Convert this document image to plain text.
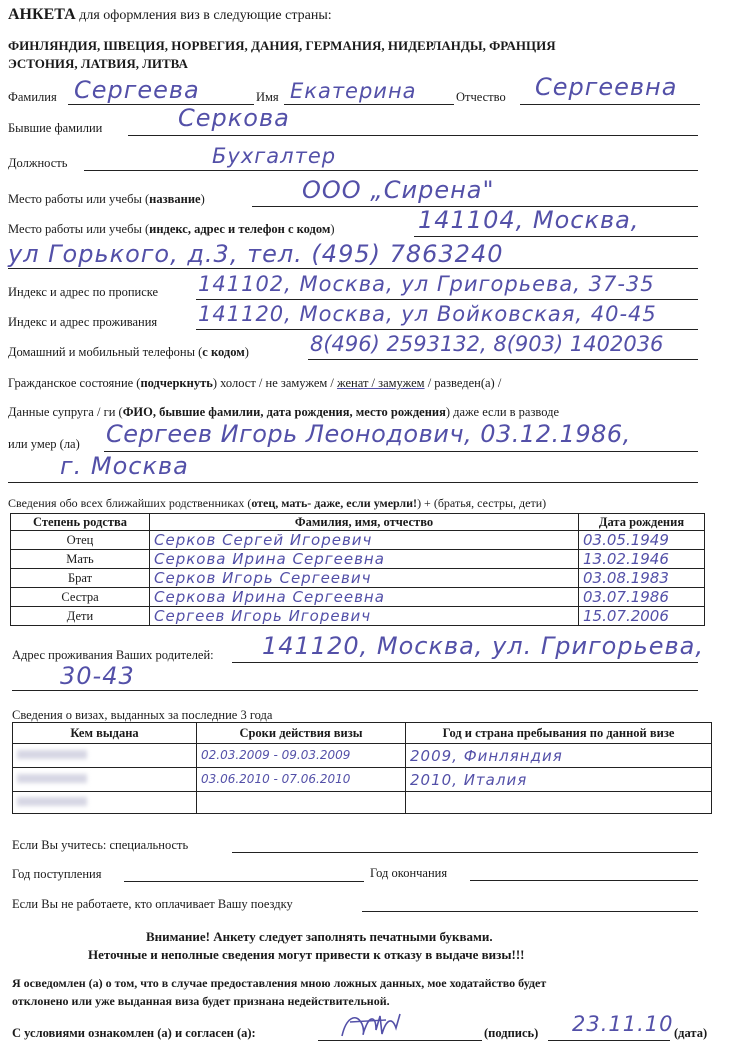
АНКЕТА для оформления виз в следующие страны:
ФИНЛЯНДИЯ, ШВЕЦИЯ, НОРВЕГИЯ, ДАНИЯ, ГЕРМАНИЯ, НИДЕРЛАНДЫ, ФРАНЦИЯ
ЭСТОНИЯ, ЛАТВИЯ, ЛИТВА
Фамилия Сергеева	Имя Екатерина	Отчество Сергеевна
Бывшие фамилии	Серкова
Должность	Бухгалтер
Место работы или учебы (название)	ООО „Сирена"
Место работы или учебы (индекс, адрес и телефон с кодом)	141104, Москва,
ул Горького, д.3, тел. (495) 7863240
Индекс и адрес по прописке 141102, Москва, ул Григорьева, 37-35
Индекс и адрес проживания 141120, Москва, ул Войковская, 40-45
Домашний и мобильный телефоны (с кодом)	8(496) 2593132, 8(903) 1402036
Гражданское состояние (подчеркнуть) холост / не замужем / женат / замужем / разведен(а) /
Данные супруга / ги (ФИО, бывшие фамилии, дата рождения, место рождения) даже если в разводе
или умер (ла) Сергеев Игорь Леонодович, 03.12.1986,
г. Москва
Сведения обо всех ближайших родственниках (отец, мать- даже, если умерли!) + (братья, сестры, дети)
Степень родства	Фамилия, имя, отчество	Дата рождения
Отец	Серков Сергей Игоревич	03.05.1949
Мать	Серкова Ирина Сергеевна	13.02.1946
Брат	Серков Игорь Сергеевич	03.08.1983
Сестра	Серкова Ирина Сергеевна	03.07.1986
Дети	Сергеев Игорь Игоревич	15.07.2006
Адрес проживания Ваших родителей: 141120, Москва, ул. Григорьева,
30-43
Сведения о визах, выданных за последние 3 года
Кем выдана	Сроки действия визы	Год и страна пребывания по данной визе
	02.03.2009 - 09.03.2009	2009, Финляндия
	03.06.2010 - 07.06.2010	2010, Италия

Если Вы учитесь: специальность
Год поступления	Год окончания
Если Вы не работаете, кто оплачивает Вашу поездку
Внимание! Анкету следует заполнять печатными буквами.
Неточные и неполные сведения могут привести к отказу в выдаче визы!!!
Я осведомлен (а) о том, что в случае предоставления мною ложных данных, мое ходатайство будет
отклонено или уже выданная виза будет признана недействительной.
С условиями ознакомлен (а) и согласен (а):	(подпись) 23.11.10 (дата)
